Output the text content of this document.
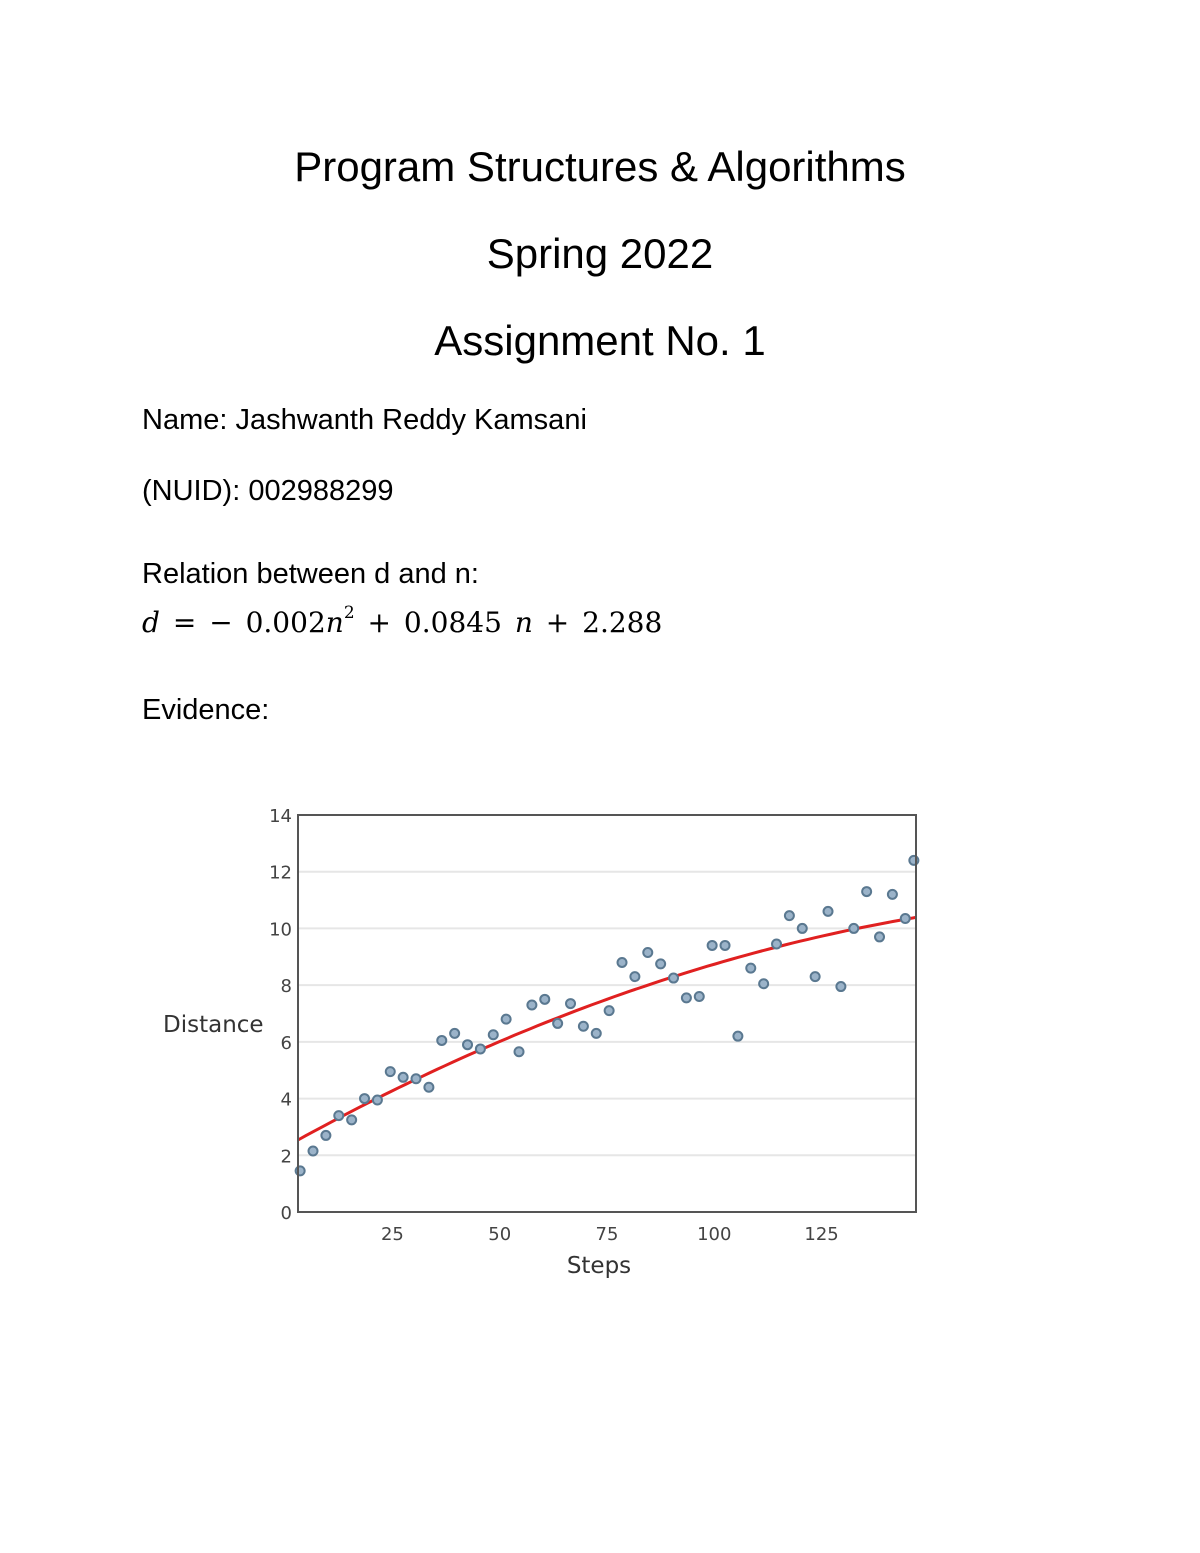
Program Structures & Algorithms
Spring 2022
Assignment No. 1
Name: Jashwanth Reddy Kamsani
(NUID): 002988299
Relation between d and n:
d = − $0.002n^2 + 0.0845$ n + 2.288
Evidence:
0
2
4
6
8
10
12
14
25	50	75	100	125
Distance
Steps
